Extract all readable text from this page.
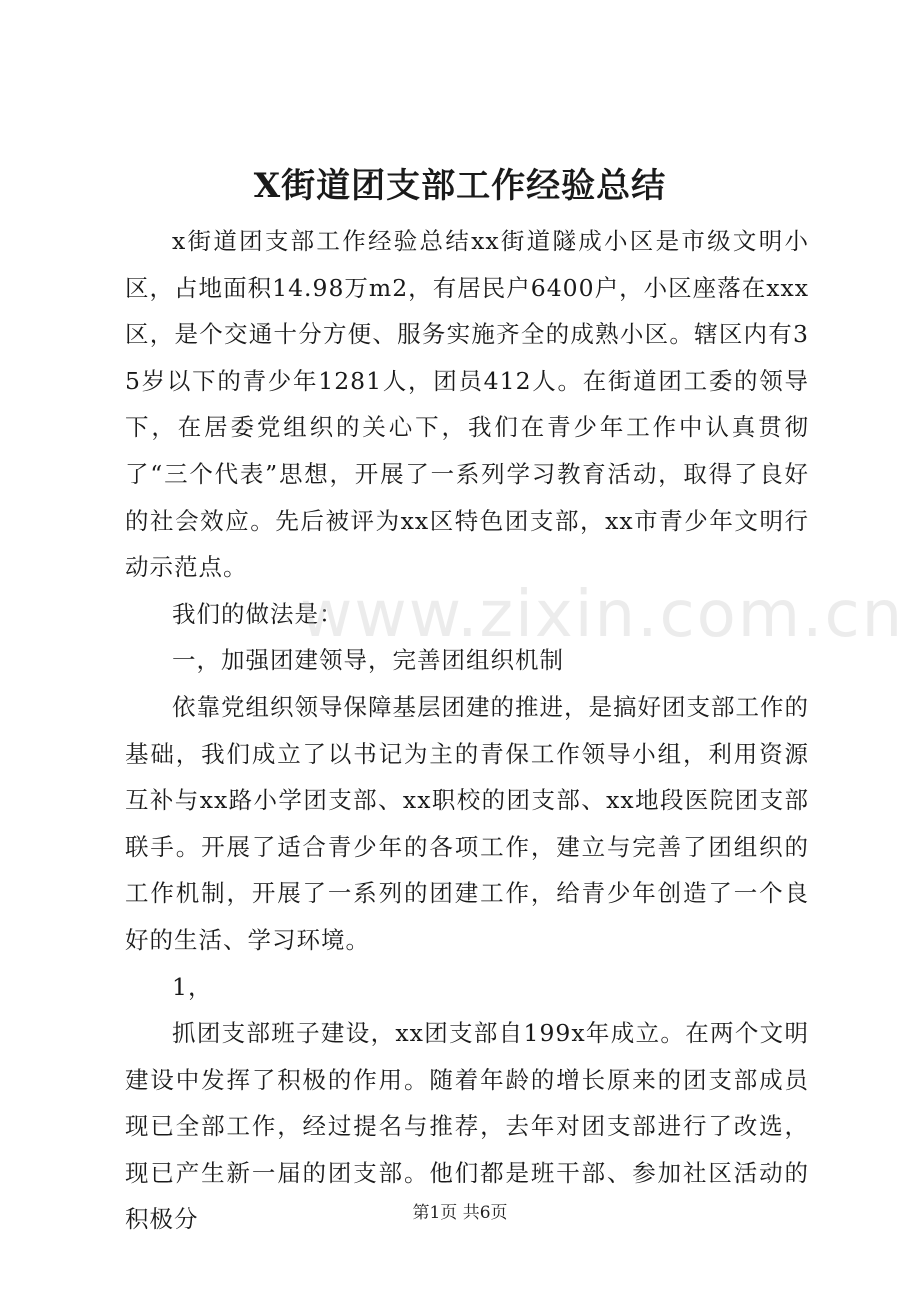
X街道团支部工作经验总结

x街道团支部工作经验总结xx街道隧成小区是市级文明小区，占地面积14.98万m2，有居民户6400户，小区座落在xxx区，是个交通十分方便、服务实施齐全的成熟小区。辖区内有35岁以下的青少年1281人，团员412人。在街道团工委的领导下，在居委党组织的关心下，我们在青少年工作中认真贯彻了“三个代表”思想，开展了一系列学习教育活动，取得了良好的社会效应。先后被评为xx区特色团支部，xx市青少年文明行动示范点。

我们的做法是：

一，加强团建领导，完善团组织机制

依靠党组织领导保障基层团建的推进，是搞好团支部工作的基础，我们成立了以书记为主的青保工作领导小组，利用资源互补与xx路小学团支部、xx职校的团支部、xx地段医院团支部联手。开展了适合青少年的各项工作，建立与完善了团组织的工作机制，开展了一系列的团建工作，给青少年创造了一个良好的生活、学习环境。

1，

抓团支部班子建设，xx团支部自199x年成立。在两个文明建设中发挥了积极的作用。随着年龄的增长原来的团支部成员现已全部工作，经过提名与推荐，去年对团支部进行了改选，现已产生新一届的团支部。他们都是班干部、参加社区活动的积极分

www.zixin.com.cn
第1页 共6页
